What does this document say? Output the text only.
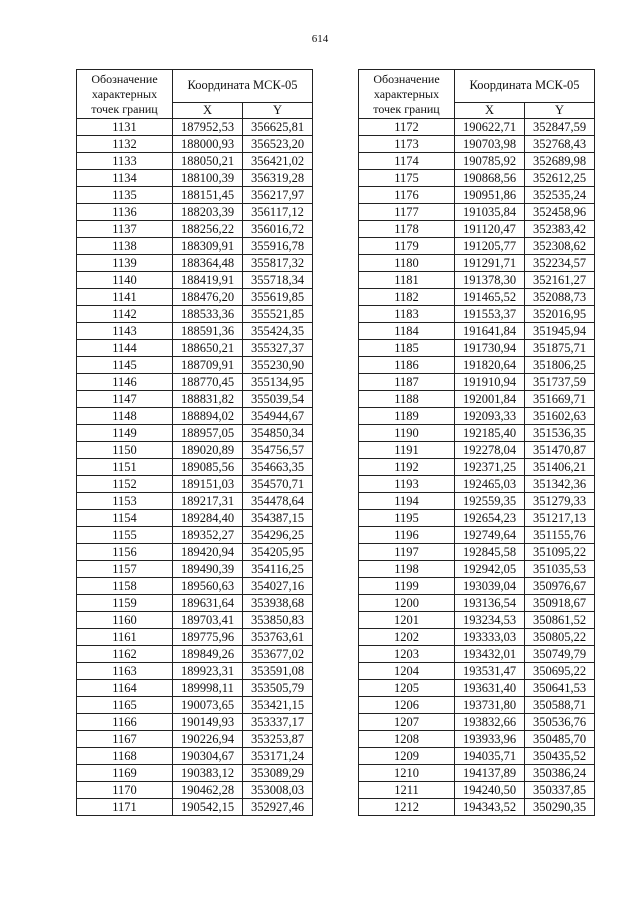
614
Обозначение характерных точек границ	Координата МСК-05	
	X	Y
1131	187952,53	356625,81
1132	188000,93	356523,20
1133	188050,21	356421,02
1134	188100,39	356319,28
1135	188151,45	356217,97
1136	188203,39	356117,12
1137	188256,22	356016,72
1138	188309,91	355916,78
1139	188364,48	355817,32
1140	188419,91	355718,34
1141	188476,20	355619,85
1142	188533,36	355521,85
1143	188591,36	355424,35
1144	188650,21	355327,37
1145	188709,91	355230,90
1146	188770,45	355134,95
1147	188831,82	355039,54
1148	188894,02	354944,67
1149	188957,05	354850,34
1150	189020,89	354756,57
1151	189085,56	354663,35
1152	189151,03	354570,71
1153	189217,31	354478,64
1154	189284,40	354387,15
1155	189352,27	354296,25
1156	189420,94	354205,95
1157	189490,39	354116,25
1158	189560,63	354027,16
1159	189631,64	353938,68
1160	189703,41	353850,83
1161	189775,96	353763,61
1162	189849,26	353677,02
1163	189923,31	353591,08
1164	189998,11	353505,79
1165	190073,65	353421,15
1166	190149,93	353337,17
1167	190226,94	353253,87
1168	190304,67	353171,24
1169	190383,12	353089,29
1170	190462,28	353008,03
1171	190542,15	352927,46
Обозначение характерных точек границ	Координата МСК-05	
	X	Y
1172	190622,71	352847,59
1173	190703,98	352768,43
1174	190785,92	352689,98
1175	190868,56	352612,25
1176	190951,86	352535,24
1177	191035,84	352458,96
1178	191120,47	352383,42
1179	191205,77	352308,62
1180	191291,71	352234,57
1181	191378,30	352161,27
1182	191465,52	352088,73
1183	191553,37	352016,95
1184	191641,84	351945,94
1185	191730,94	351875,71
1186	191820,64	351806,25
1187	191910,94	351737,59
1188	192001,84	351669,71
1189	192093,33	351602,63
1190	192185,40	351536,35
1191	192278,04	351470,87
1192	192371,25	351406,21
1193	192465,03	351342,36
1194	192559,35	351279,33
1195	192654,23	351217,13
1196	192749,64	351155,76
1197	192845,58	351095,22
1198	192942,05	351035,53
1199	193039,04	350976,67
1200	193136,54	350918,67
1201	193234,53	350861,52
1202	193333,03	350805,22
1203	193432,01	350749,79
1204	193531,47	350695,22
1205	193631,40	350641,53
1206	193731,80	350588,71
1207	193832,66	350536,76
1208	193933,96	350485,70
1209	194035,71	350435,52
1210	194137,89	350386,24
1211	194240,50	350337,85
1212	194343,52	350290,35
